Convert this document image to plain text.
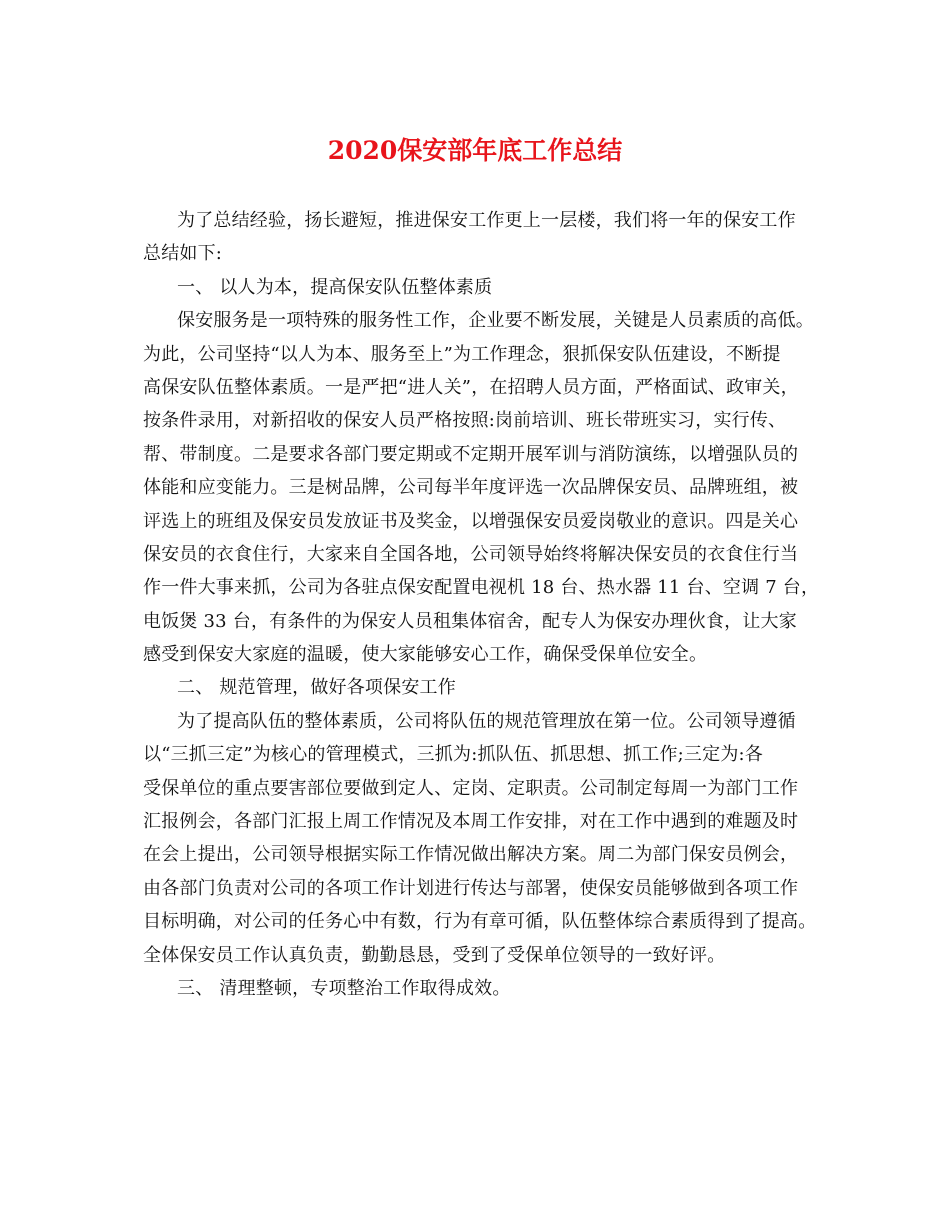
2020保安部年底工作总结
为了总结经验，扬长避短，推进保安工作更上一层楼，我们将一年的保安工作
总结如下:
一、 以人为本，提高保安队伍整体素质
保安服务是一项特殊的服务性工作，企业要不断发展，关键是人员素质的高低。
为此，公司坚持“以人为本、服务至上”为工作理念，狠抓保安队伍建设，不断提
高保安队伍整体素质。一是严把“进人关”，在招聘人员方面，严格面试、政审关，
按条件录用，对新招收的保安人员严格按照:岗前培训、班长带班实习，实行传、
帮、带制度。二是要求各部门要定期或不定期开展军训与消防演练，以增强队员的
体能和应变能力。三是树品牌，公司每半年度评选一次品牌保安员、品牌班组，被
评选上的班组及保安员发放证书及奖金，以增强保安员爱岗敬业的意识。四是关心
保安员的衣食住行，大家来自全国各地，公司领导始终将解决保安员的衣食住行当
作一件大事来抓，公司为各驻点保安配置电视机 18 台、热水器 11 台、空调 7 台，
电饭煲 33 台，有条件的为保安人员租集体宿舍，配专人为保安办理伙食，让大家
感受到保安大家庭的温暖，使大家能够安心工作，确保受保单位安全。
二、 规范管理，做好各项保安工作
为了提高队伍的整体素质，公司将队伍的规范管理放在第一位。公司领导遵循
以“三抓三定”为核心的管理模式，三抓为:抓队伍、抓思想、抓工作;三定为:各
受保单位的重点要害部位要做到定人、定岗、定职责。公司制定每周一为部门工作
汇报例会，各部门汇报上周工作情况及本周工作安排，对在工作中遇到的难题及时
在会上提出，公司领导根据实际工作情况做出解决方案。周二为部门保安员例会，
由各部门负责对公司的各项工作计划进行传达与部署，使保安员能够做到各项工作
目标明确，对公司的任务心中有数，行为有章可循，队伍整体综合素质得到了提高。
全体保安员工作认真负责，勤勤恳恳，受到了受保单位领导的一致好评。
三、 清理整顿，专项整治工作取得成效。
